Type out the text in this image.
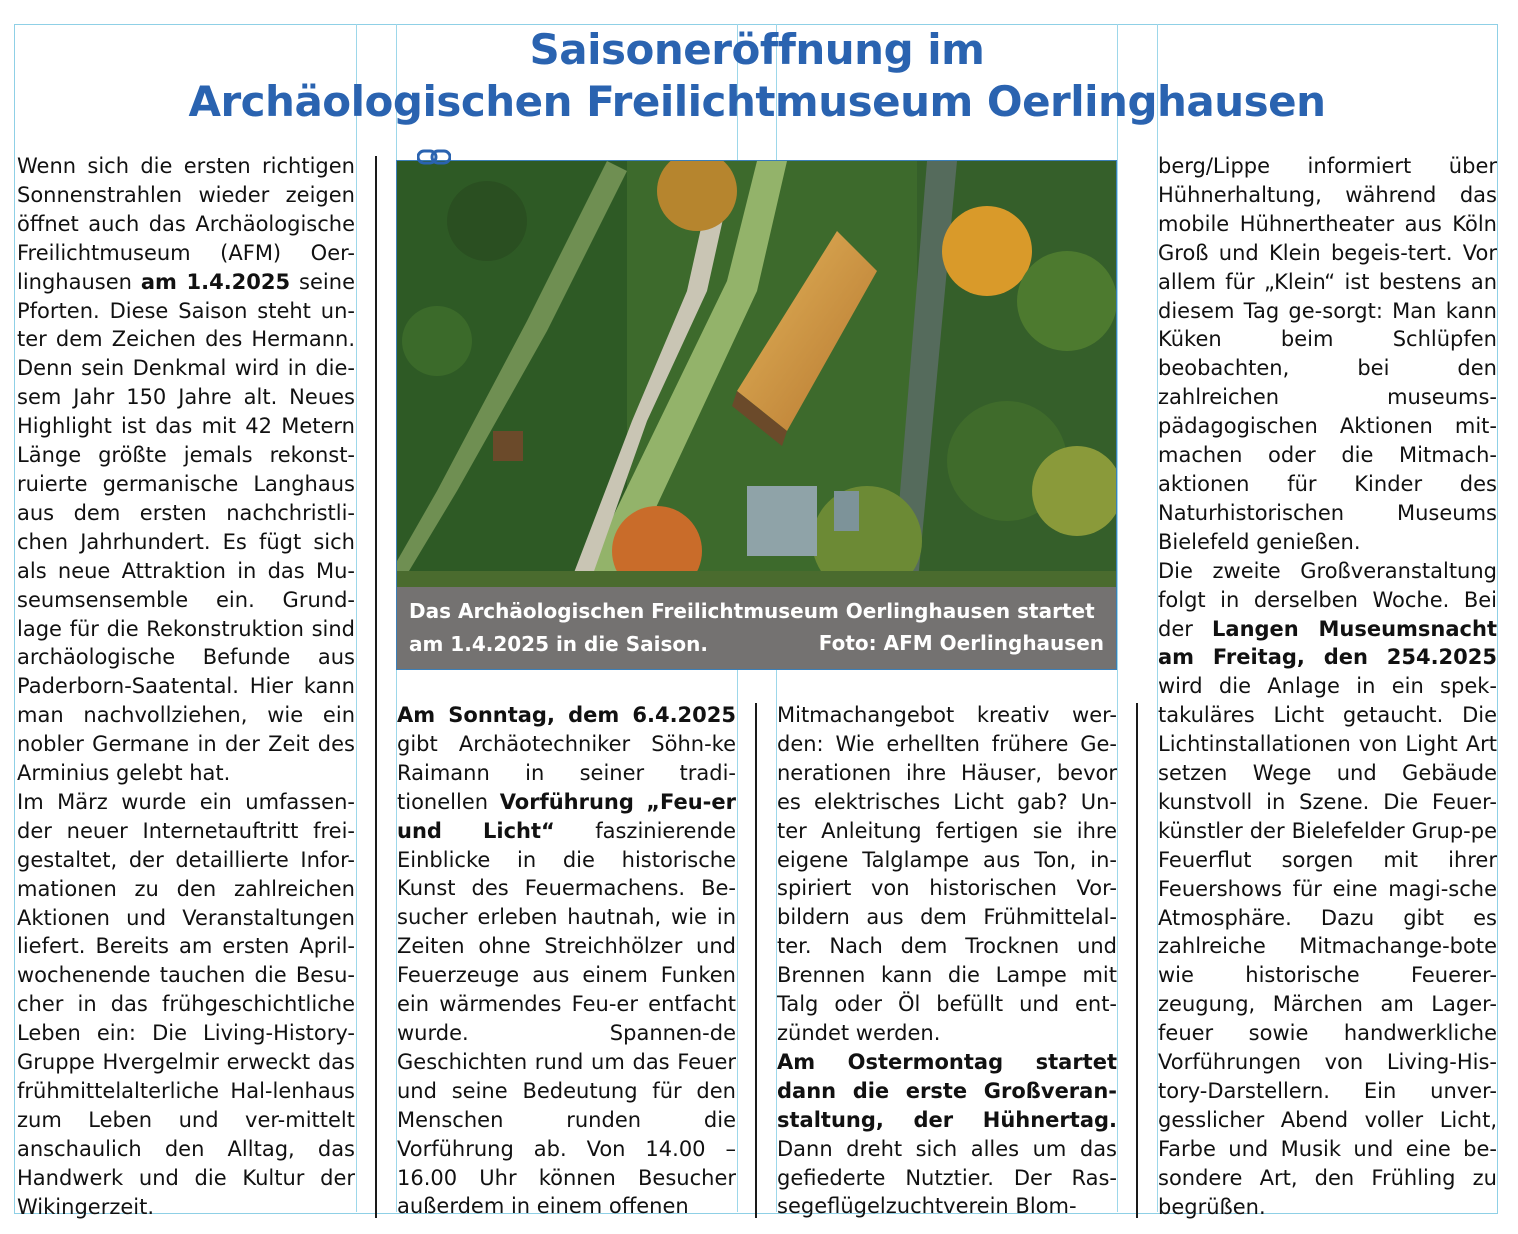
Saisoneröffnung im
Archäologischen Freilichtmuseum Oerlinghausen

Wenn sich die ersten richtigen Sonnenstrahlen wieder zeigen öffnet auch das Archäologische Freilichtmuseum (AFM) Oer-linghausen am 1.4.2025 seine Pforten. Diese Saison steht un-ter dem Zeichen des Hermann. Denn sein Denkmal wird in die-sem Jahr 150 Jahre alt. Neues Highlight ist das mit 42 Metern Länge größte jemals rekonst-ruierte germanische Langhaus aus dem ersten nachchristli-chen Jahrhundert. Es fügt sich als neue Attraktion in das Mu-seumsensemble ein. Grund-lage für die Rekonstruktion sind archäologische Befunde aus Paderborn-Saatental. Hier kann man nachvollziehen, wie ein nobler Germane in der Zeit des Arminius gelebt hat.

Im März wurde ein umfassen-der neuer Internetauftritt frei-gestaltet, der detaillierte Infor-mationen zu den zahlreichen Aktionen und Veranstaltungen liefert. Bereits am ersten April-wochenende tauchen die Besu-cher in das frühgeschichtliche Leben ein: Die Living-History-Gruppe Hvergelmir erweckt das frühmittelalterliche Hal-lenhaus zum Leben und ver-mittelt anschaulich den Alltag, das Handwerk und die Kultur der Wikingerzeit.

Das Archäologischen Freilichtmuseum Oerlinghausen startet am 1.4.2025 in die Saison.	Foto: AFM Oerlinghausen

Am Sonntag, dem 6.4.2025 gibt Archäotechniker Söhn-ke Raimann in seiner tradi-tionellen Vorführung „Feu-er und Licht“ faszinierende Einblicke in die historische Kunst des Feuermachens. Be-sucher erleben hautnah, wie in Zeiten ohne Streichhölzer und Feuerzeuge aus einem Funken ein wärmendes Feu-er entfacht wurde. Spannen-de Geschichten rund um das Feuer und seine Bedeutung für den Menschen runden die Vorführung ab. Von 14.00 – 16.00 Uhr können Besucher außerdem in einem offenen

Mitmachangebot kreativ wer-den: Wie erhellten frühere Ge-nerationen ihre Häuser, bevor es elektrisches Licht gab? Un-ter Anleitung fertigen sie ihre eigene Talglampe aus Ton, in-spiriert von historischen Vor-bildern aus dem Frühmittelal-ter. Nach dem Trocknen und Brennen kann die Lampe mit Talg oder Öl befüllt und ent-zündet werden.

Am Ostermontag startet dann die erste Großveran-staltung, der Hühnertag. Dann dreht sich alles um das gefiederte Nutztier. Der Ras-segeflügelzuchtverein Blom-

berg/Lippe informiert über Hühnerhaltung, während das mobile Hühnertheater aus Köln Groß und Klein begeis-tert. Vor allem für „Klein“ ist bestens an diesem Tag ge-sorgt: Man kann Küken beim Schlüpfen beobachten, bei den zahlreichen museums-pädagogischen Aktionen mit-machen oder die Mitmach-aktionen für Kinder des Naturhistorischen Museums Bielefeld genießen.

Die zweite Großveranstaltung folgt in derselben Woche. Bei der Langen Museumsnacht am Freitag, den 254.2025 wird die Anlage in ein spek-takuläres Licht getaucht. Die Lichtinstallationen von Light Art setzen Wege und Gebäude kunstvoll in Szene. Die Feuer-künstler der Bielefelder Grup-pe Feuerflut sorgen mit ihrer Feuershows für eine magi-sche Atmosphäre. Dazu gibt es zahlreiche Mitmachange-bote wie historische Feuerer-zeugung, Märchen am Lager-feuer sowie handwerkliche Vorführungen von Living-His-tory-Darstellern. Ein unver-gesslicher Abend voller Licht, Farbe und Musik und eine be-sondere Art, den Frühling zu begrüßen.
